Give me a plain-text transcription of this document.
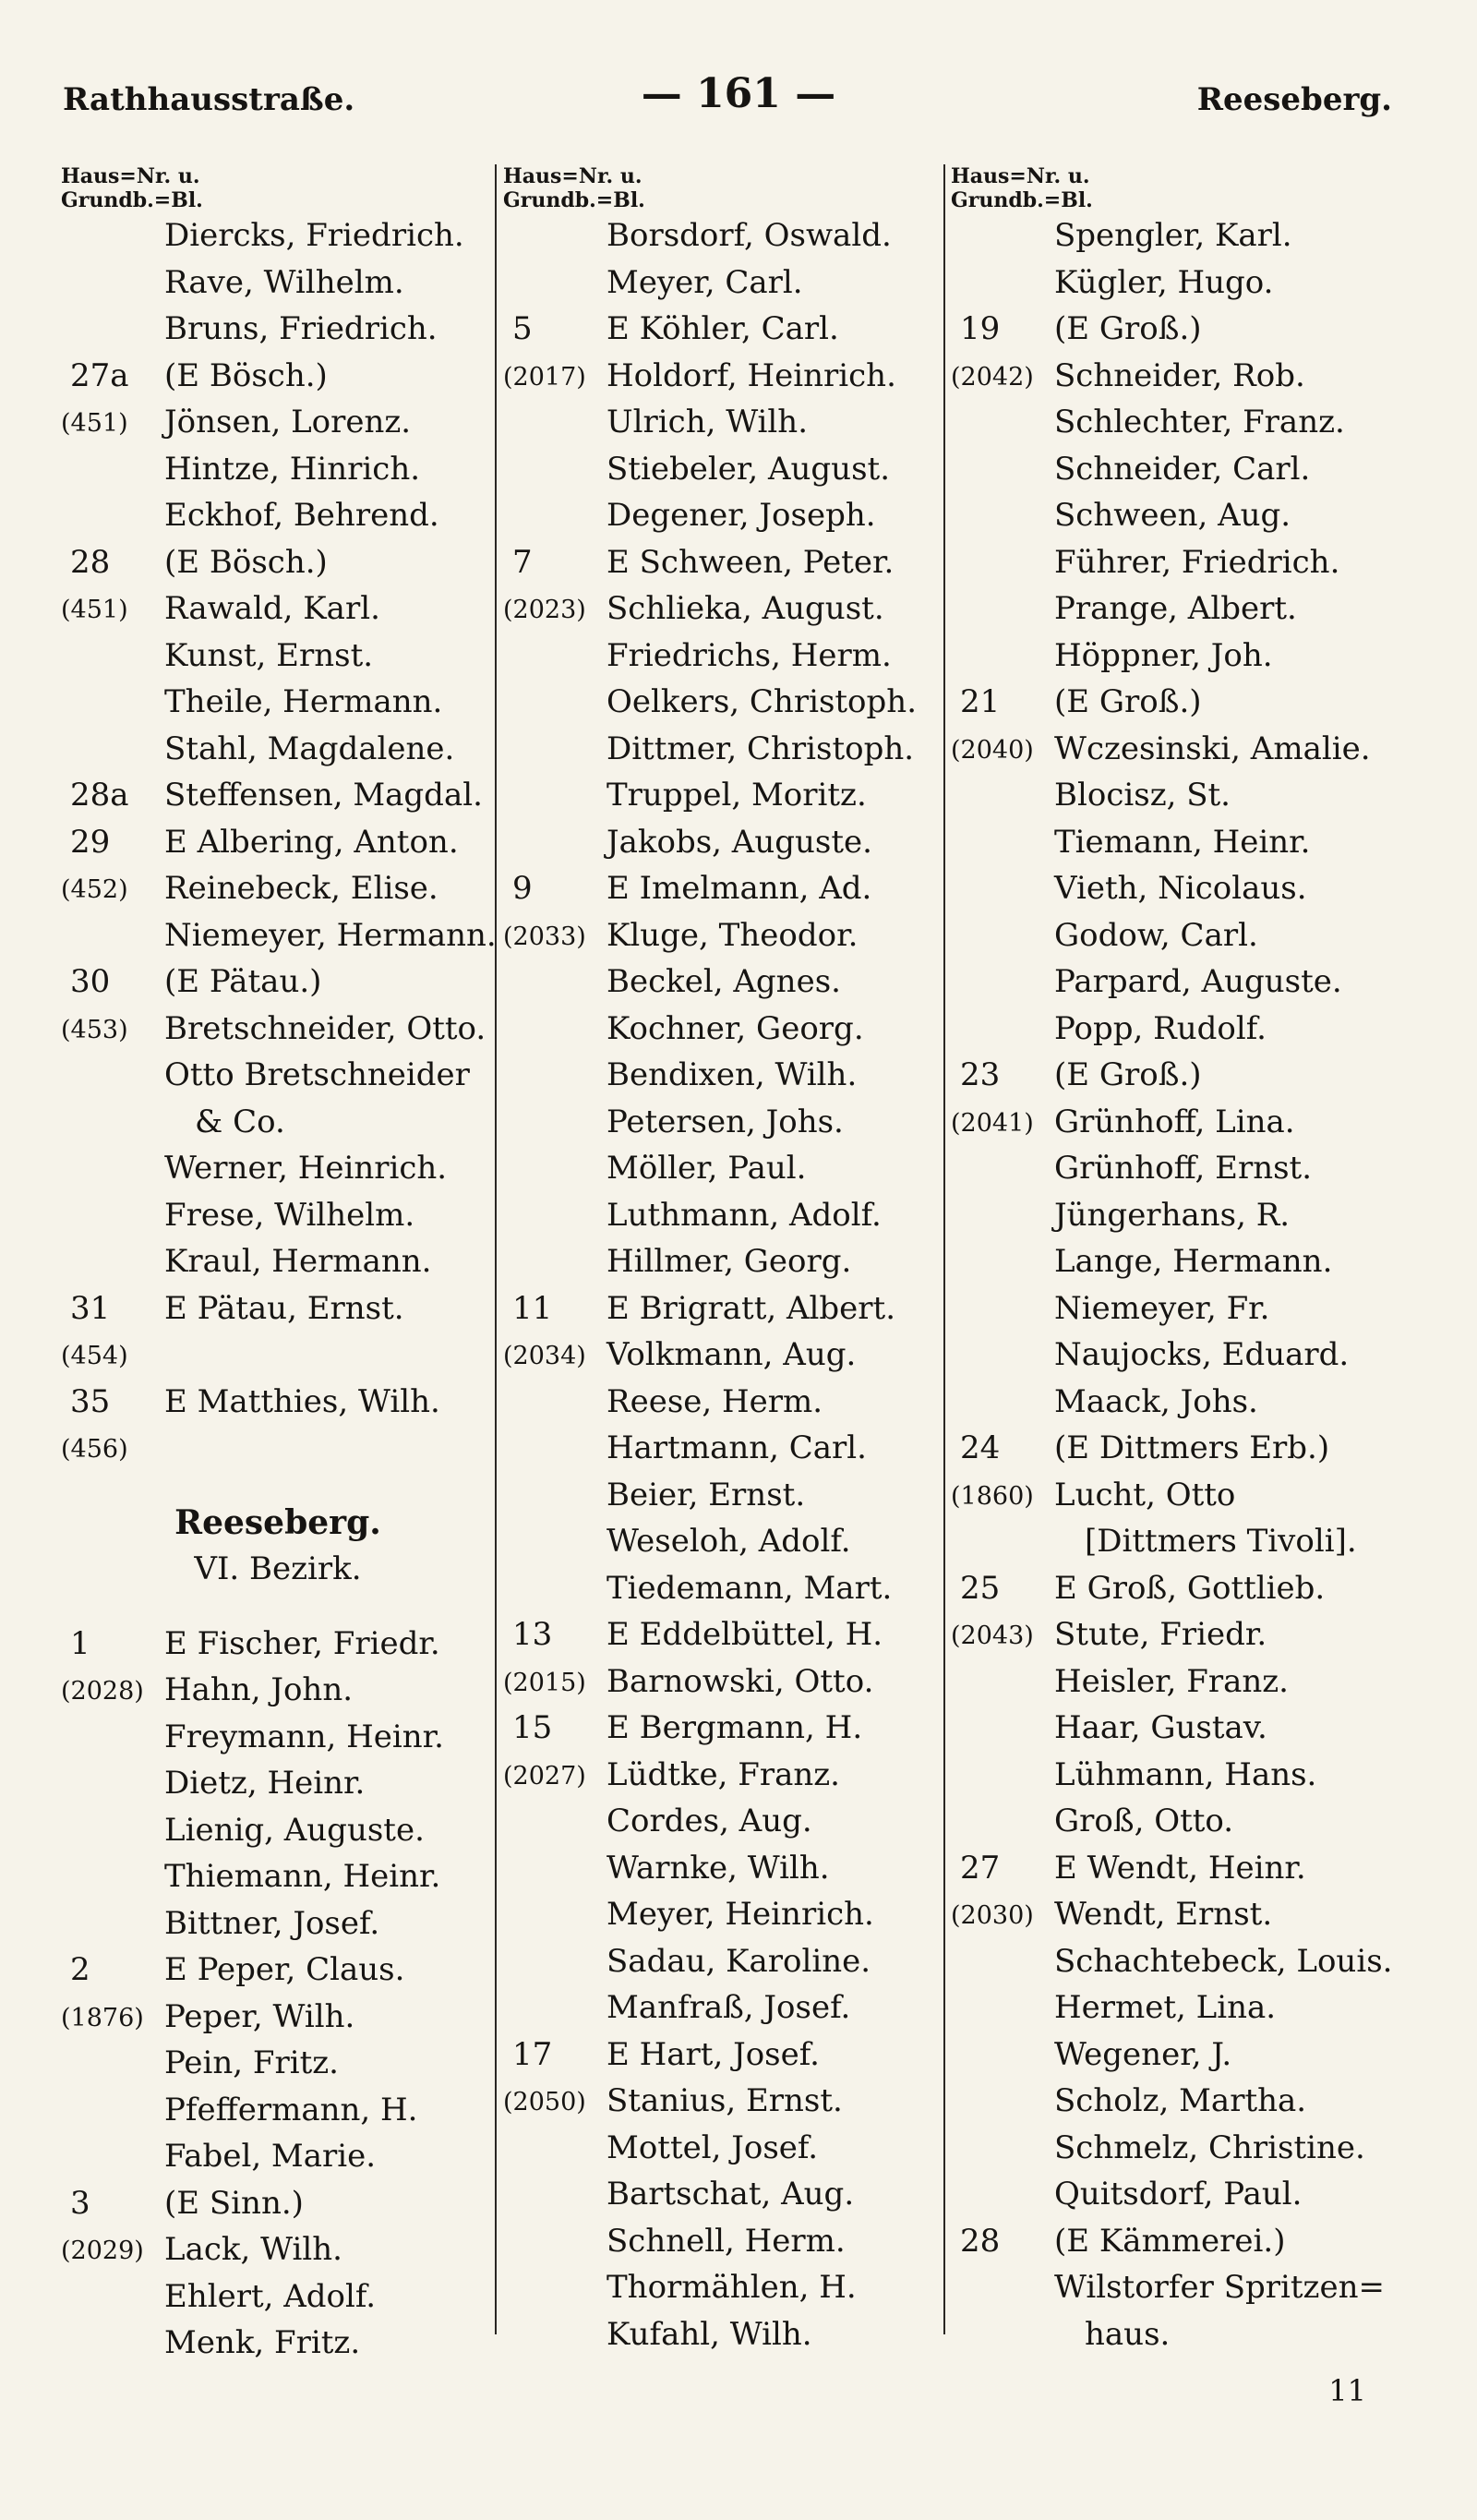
Rathhausstraße.	— 161 —	Reeseberg.
Haus=Nr. u.
Grundb.=Bl.
Diercks, Friedrich.
Rave, Wilhelm.
Bruns, Friedrich.
27a (E Bösch.)
(451) Jönsen, Lorenz.
Hintze, Hinrich.
Eckhof, Behrend.
28 (E Bösch.)
(451) Rawald, Karl.
Kunst, Ernst.
Theile, Hermann.
Stahl, Magdalene.
28a Steffensen, Magdal.
29 E Albering, Anton.
(452) Reinebeck, Elise.
Niemeyer, Hermann.
30 (E Pätau.)
(453) Bretschneider, Otto.
Otto Bretschneider
& Co.
Werner, Heinrich.
Frese, Wilhelm.
Kraul, Hermann.
31 E Pätau, Ernst.
(454)
35 E Matthies, Wilh.
(456)
Reeseberg.
VI. Bezirk.
1 E Fischer, Friedr.
(2028) Hahn, John.
Freymann, Heinr.
Dietz, Heinr.
Lienig, Auguste.
Thiemann, Heinr.
Bittner, Josef.
2 E Peper, Claus.
(1876) Peper, Wilh.
Pein, Fritz.
Pfeffermann, H.
Fabel, Marie.
3 (E Sinn.)
(2029) Lack, Wilh.
Ehlert, Adolf.
Menk, Fritz.
Haus=Nr. u.
Grundb.=Bl.
Borsdorf, Oswald.
Meyer, Carl.
5 E Köhler, Carl.
(2017) Holdorf, Heinrich.
Ulrich, Wilh.
Stiebeler, August.
Degener, Joseph.
7 E Schween, Peter.
(2023) Schlieka, August.
Friedrichs, Herm.
Oelkers, Christoph.
Dittmer, Christoph.
Truppel, Moritz.
Jakobs, Auguste.
9 E Imelmann, Ad.
(2033) Kluge, Theodor.
Beckel, Agnes.
Kochner, Georg.
Bendixen, Wilh.
Petersen, Johs.
Möller, Paul.
Luthmann, Adolf.
Hillmer, Georg.
11 E Brigratt, Albert.
(2034) Volkmann, Aug.
Reese, Herm.
Hartmann, Carl.
Beier, Ernst.
Weseloh, Adolf.
Tiedemann, Mart.
13 E Eddelbüttel, H.
(2015) Barnowski, Otto.
15 E Bergmann, H.
(2027) Lüdtke, Franz.
Cordes, Aug.
Warnke, Wilh.
Meyer, Heinrich.
Sadau, Karoline.
Manfraß, Josef.
17 E Hart, Josef.
(2050) Stanius, Ernst.
Mottel, Josef.
Bartschat, Aug.
Schnell, Herm.
Thormählen, H.
Kufahl, Wilh.
Haus=Nr. u.
Grundb.=Bl.
Spengler, Karl.
Kügler, Hugo.
19 (E Groß.)
(2042) Schneider, Rob.
Schlechter, Franz.
Schneider, Carl.
Schween, Aug.
Führer, Friedrich.
Prange, Albert.
Höppner, Joh.
21 (E Groß.)
(2040) Wczesinski, Amalie.
Blocisz, St.
Tiemann, Heinr.
Vieth, Nicolaus.
Godow, Carl.
Parpard, Auguste.
Popp, Rudolf.
23 (E Groß.)
(2041) Grünhoff, Lina.
Grünhoff, Ernst.
Jüngerhans, R.
Lange, Hermann.
Niemeyer, Fr.
Naujocks, Eduard.
Maack, Johs.
24 (E Dittmers Erb.)
(1860) Lucht, Otto
[Dittmers Tivoli].
25 E Groß, Gottlieb.
(2043) Stute, Friedr.
Heisler, Franz.
Haar, Gustav.
Lühmann, Hans.
Groß, Otto.
27 E Wendt, Heinr.
(2030) Wendt, Ernst.
Schachtebeck, Louis.
Hermet, Lina.
Wegener, J.
Scholz, Martha.
Schmelz, Christine.
Quitsdorf, Paul.
28 (E Kämmerei.)
Wilstorfer Spritzen=
haus.
11
